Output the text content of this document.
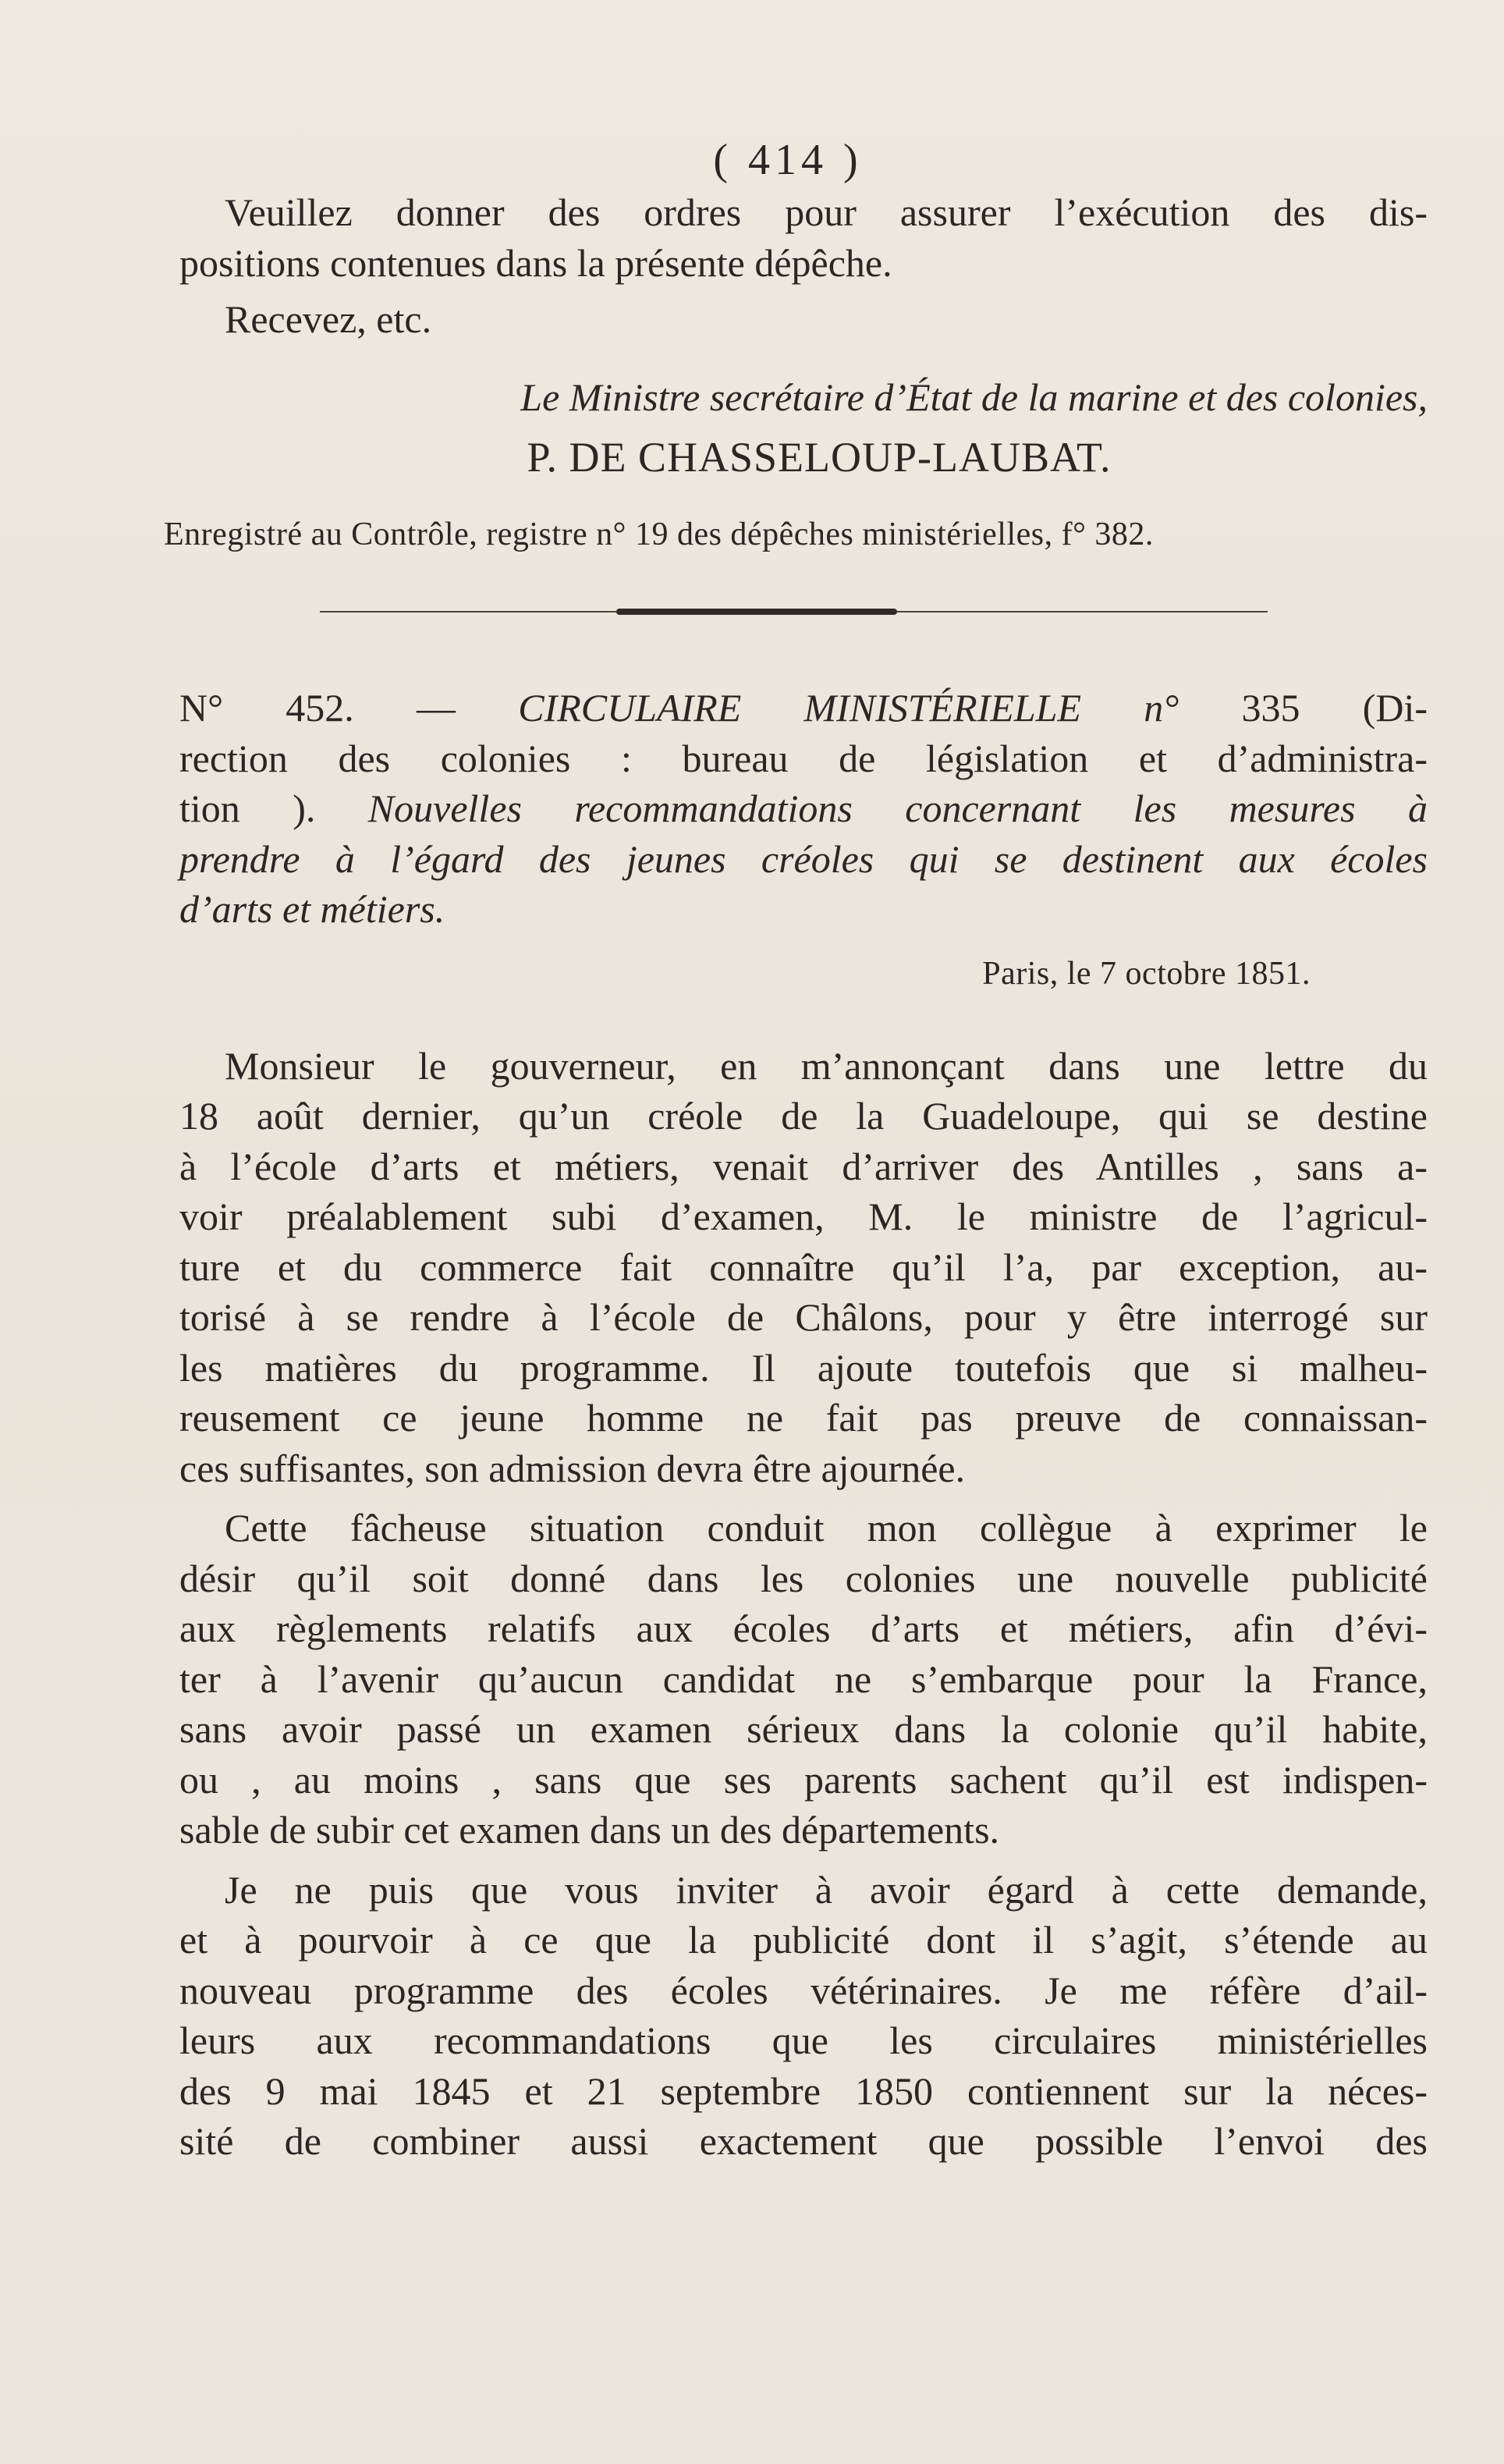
( 414 )

Veuillez donner des ordres pour assurer l’exécution des dis-
positions contenues dans la présente dépêche.

Recevez, etc.
Le Ministre secrétaire d’État de la marine et des colonies,
P. DE CHASSELOUP-LAUBAT.
Enregistré au Contrôle, registre n° 19 des dépêches ministérielles, f° 382.
N° 452. — CIRCULAIRE MINISTÉRIELLE n° 335 (Di-
rection des colonies : bureau de législation et d’administra-
tion ). Nouvelles recommandations concernant les mesures à
prendre à l’égard des jeunes créoles qui se destinent aux écoles
d’arts et métiers.
Paris, le 7 octobre 1851.

Monsieur le gouverneur, en m’annonçant dans une lettre du
18 août dernier, qu’un créole de la Guadeloupe, qui se destine
à l’école d’arts et métiers, venait d’arriver des Antilles , sans a-
voir préalablement subi d’examen, M. le ministre de l’agricul-
ture et du commerce fait connaître qu’il l’a, par exception, au-
torisé à se rendre à l’école de Châlons, pour y être interrogé sur
les matières du programme. Il ajoute toutefois que si malheu-
reusement ce jeune homme ne fait pas preuve de connaissan-
ces suffisantes, son admission devra être ajournée.

Cette fâcheuse situation conduit mon collègue à exprimer le
désir qu’il soit donné dans les colonies une nouvelle publicité
aux règlements relatifs aux écoles d’arts et métiers, afin d’évi-
ter à l’avenir qu’aucun candidat ne s’embarque pour la France,
sans avoir passé un examen sérieux dans la colonie qu’il habite,
ou , au moins , sans que ses parents sachent qu’il est indispen-
sable de subir cet examen dans un des départements.

Je ne puis que vous inviter à avoir égard à cette demande,
et à pourvoir à ce que la publicité dont il s’agit, s’étende au
nouveau programme des écoles vétérinaires. Je me réfère d’ail-
leurs aux recommandations que les circulaires ministérielles
des 9 mai 1845 et 21 septembre 1850 contiennent sur la néces-
sité de combiner aussi exactement que possible l’envoi des
